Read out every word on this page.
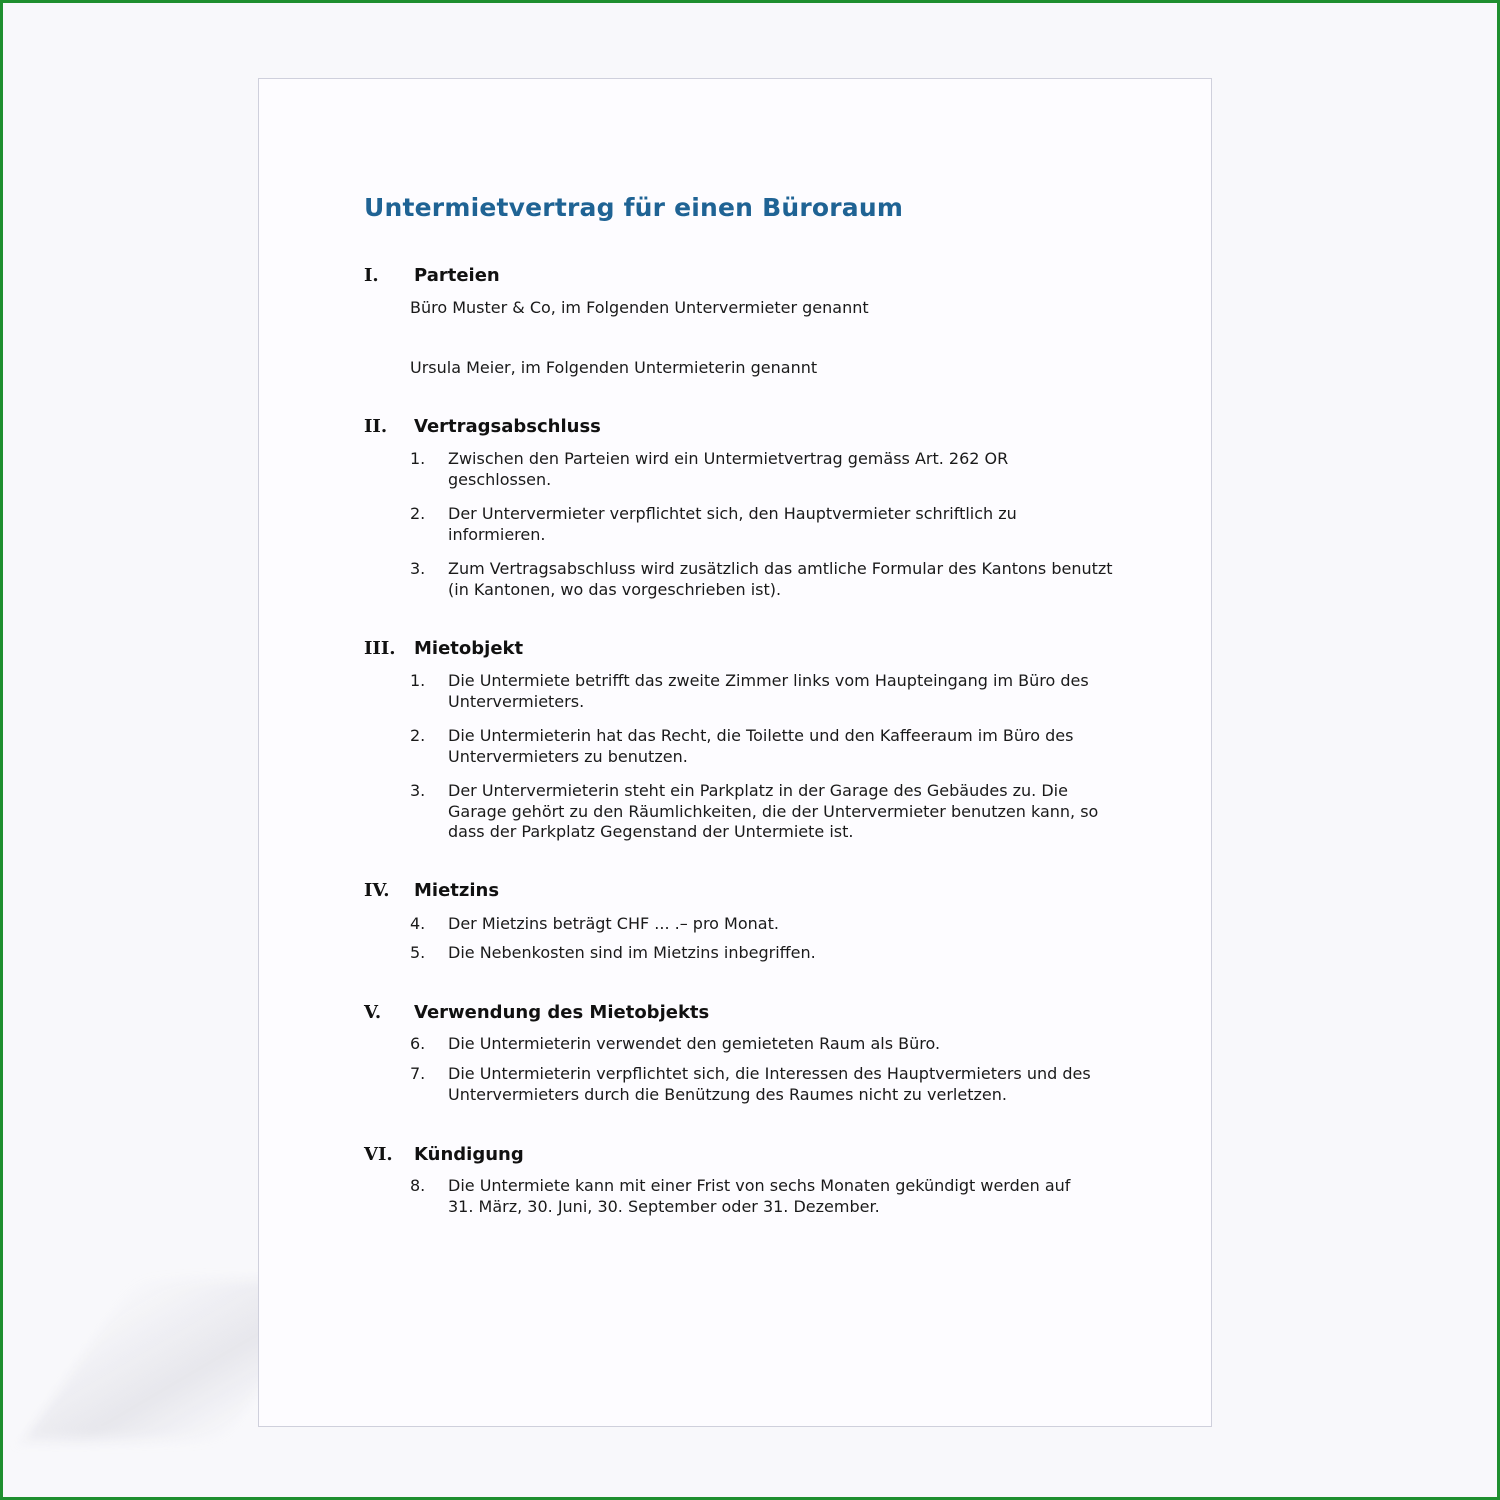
Untermietvertrag für einen Büroraum
I. Parteien

Büro Muster & Co, im Folgenden Untervermieter genannt

Ursula Meier, im Folgenden Untermieterin genannt

II. Vertragsabschluss
1.	Zwischen den Parteien wird ein Untermietvertrag gemäss Art. 262 OR
geschlossen.
2.	Der Untervermieter verpflichtet sich, den Hauptvermieter schriftlich zu
informieren.
3.	Zum Vertragsabschluss wird zusätzlich das amtliche Formular des Kantons benutzt
(in Kantonen, wo das vorgeschrieben ist).
III. Mietobjekt
1.	Die Untermiete betrifft das zweite Zimmer links vom Haupteingang im Büro des
Untervermieters.
2.	Die Untermieterin hat das Recht, die Toilette und den Kaffeeraum im Büro des
Untervermieters zu benutzen.
3.	Der Untervermieterin steht ein Parkplatz in der Garage des Gebäudes zu. Die
Garage gehört zu den Räumlichkeiten, die der Untervermieter benutzen kann, so
dass der Parkplatz Gegenstand der Untermiete ist.
IV. Mietzins
4.	Der Mietzins beträgt CHF ... .– pro Monat.
5.	Die Nebenkosten sind im Mietzins inbegriffen.
V. Verwendung des Mietobjekts
6.	Die Untermieterin verwendet den gemieteten Raum als Büro.
7.	Die Untermieterin verpflichtet sich, die Interessen des Hauptvermieters und des
Untervermieters durch die Benützung des Raumes nicht zu verletzen.
VI. Kündigung
8.	Die Untermiete kann mit einer Frist von sechs Monaten gekündigt werden auf
31. März, 30. Juni, 30. September oder 31. Dezember.
